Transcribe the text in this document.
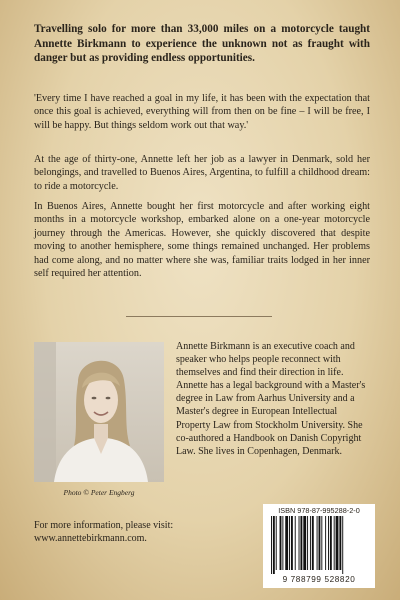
Travelling solo for more than 33,000 miles on a motorcycle taught Annette Birkmann to experience the unknown not as fraught with danger but as providing endless opportunities.

'Every time I have reached a goal in my life, it has been with the expectation that once this goal is achieved, everything will from then on be fine – I will be free, I will be happy. But things seldom work out that way.'

At the age of thirty-one, Annette left her job as a lawyer in Denmark, sold her belongings, and travelled to Buenos Aires, Argentina, to fulfill a childhood dream: to ride a motorcycle.

In Buenos Aires, Annette bought her first motorcycle and after working eight months in a motorcycle workshop, embarked alone on a one-year motorcycle journey through the Americas. However, she quickly discovered that despite moving to another hemisphere, some things remained unchanged. Her problems had come along, and no matter where she was, familiar traits lodged in her inner self required her attention.

Photo © Peter Engberg

Annette Birkmann is an executive coach and speaker who helps people reconnect with themselves and find their direction in life. Annette has a legal background with a Master's degree in Law from Aarhus University and a Master's degree in European Intellectual Property Law from Stockholm University. She co-authored a Handbook on Danish Copyright Law. She lives in Copenhagen, Denmark.

For more information, please visit:
www.annettebirkmann.com.

ISBN 978-87-995288-2-0

9 788799 528820
